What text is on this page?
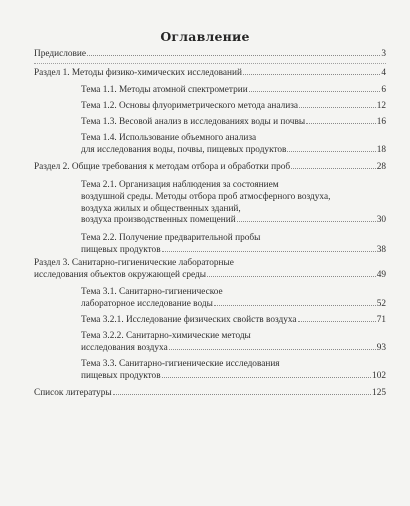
Оглавление
Предисловие	3
Раздел 1. Методы физико-химических исследований	4
Тема 1.1. Методы атомной спектрометрии	6
Тема 1.2. Основы флуориметрического метода анализа	12
Тема 1.3. Весовой анализ в исследованиях воды и почвы	16
Тема 1.4. Использование объемного анализа
для исследования воды, почвы, пищевых продуктов	18
Раздел 2. Общие требования к методам отбора и обработки проб	28
Тема 2.1. Организация наблюдения за состоянием
воздушной среды. Методы отбора проб атмосферного воздуха,
воздуха жилых и общественных зданий,
воздуха производственных помещений	30
Тема 2.2. Получение предварительной пробы
пищевых продуктов	38
Раздел 3. Санитарно-гигиенические лабораторные
исследования объектов окружающей среды	49
Тема 3.1. Санитарно-гигиеническое
лабораторное исследование воды	52
Тема 3.2.1. Исследование физических свойств воздуха	71
Тема 3.2.2. Санитарно-химические методы
исследования воздуха	93
Тема 3.3. Санитарно-гигиенические исследования
пищевых продуктов	102
Список литературы	125
